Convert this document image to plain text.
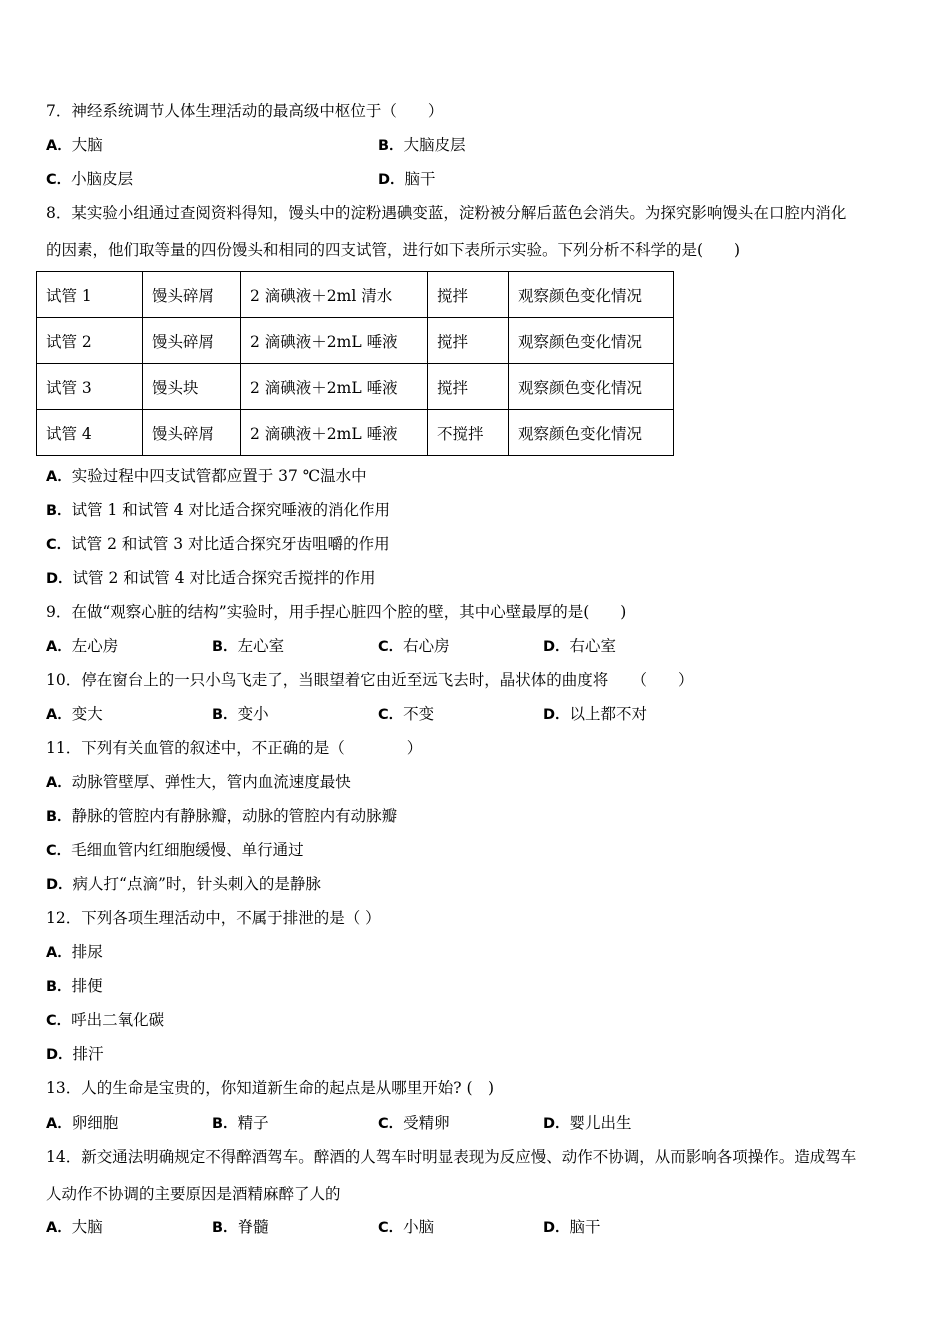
7．神经系统调节人体生理活动的最高级中枢位于（　　）
A．大脑	B．大脑皮层
C．小脑皮层	D．脑干
8．某实验小组通过查阅资料得知，馒头中的淀粉遇碘变蓝，淀粉被分解后蓝色会消失。为探究影响馒头在口腔内消化
的因素，他们取等量的四份馒头和相同的四支试管，进行如下表所示实验。下列分析不科学的是(　　)
试管 1	馒头碎屑	2 滴碘液＋2ml 清水	搅拌	观察颜色变化情况
试管 2	馒头碎屑	2 滴碘液＋2mL 唾液	搅拌	观察颜色变化情况
试管 3	馒头块	2 滴碘液＋2mL 唾液	搅拌	观察颜色变化情况
试管 4	馒头碎屑	2 滴碘液＋2mL 唾液	不搅拌	观察颜色变化情况
A．实验过程中四支试管都应置于 37 ℃温水中
B．试管 1 和试管 4 对比适合探究唾液的消化作用
C．试管 2 和试管 3 对比适合探究牙齿咀嚼的作用
D．试管 2 和试管 4 对比适合探究舌搅拌的作用
9．在做“观察心脏的结构”实验时，用手捏心脏四个腔的壁，其中心壁最厚的是(　　)
A．左心房	B．左心室	C．右心房	D．右心室
10．停在窗台上的一只小鸟飞走了，当眼望着它由近至远飞去时，晶状体的曲度将　　（　　）
A．变大	B．变小	C．不变	D．以上都不对
11．下列有关血管的叙述中，不正确的是（　　　　）
A．动脉管壁厚、弹性大，管内血流速度最快
B．静脉的管腔内有静脉瓣，动脉的管腔内有动脉瓣
C．毛细血管内红细胞缓慢、单行通过
D．病人打“点滴”时，针头刺入的是静脉
12．下列各项生理活动中，不属于排泄的是（ ）
A．排尿
B．排便
C．呼出二氧化碳
D．排汗
13．人的生命是宝贵的，你知道新生命的起点是从哪里开始? (　)
A．卵细胞	B．精子	C．受精卵	D．婴儿出生
14．新交通法明确规定不得醉酒驾车。醉酒的人驾车时明显表现为反应慢、动作不协调，从而影响各项操作。造成驾车
人动作不协调的主要原因是酒精麻醉了人的
A．大脑	B．脊髓	C．小脑	D．脑干
